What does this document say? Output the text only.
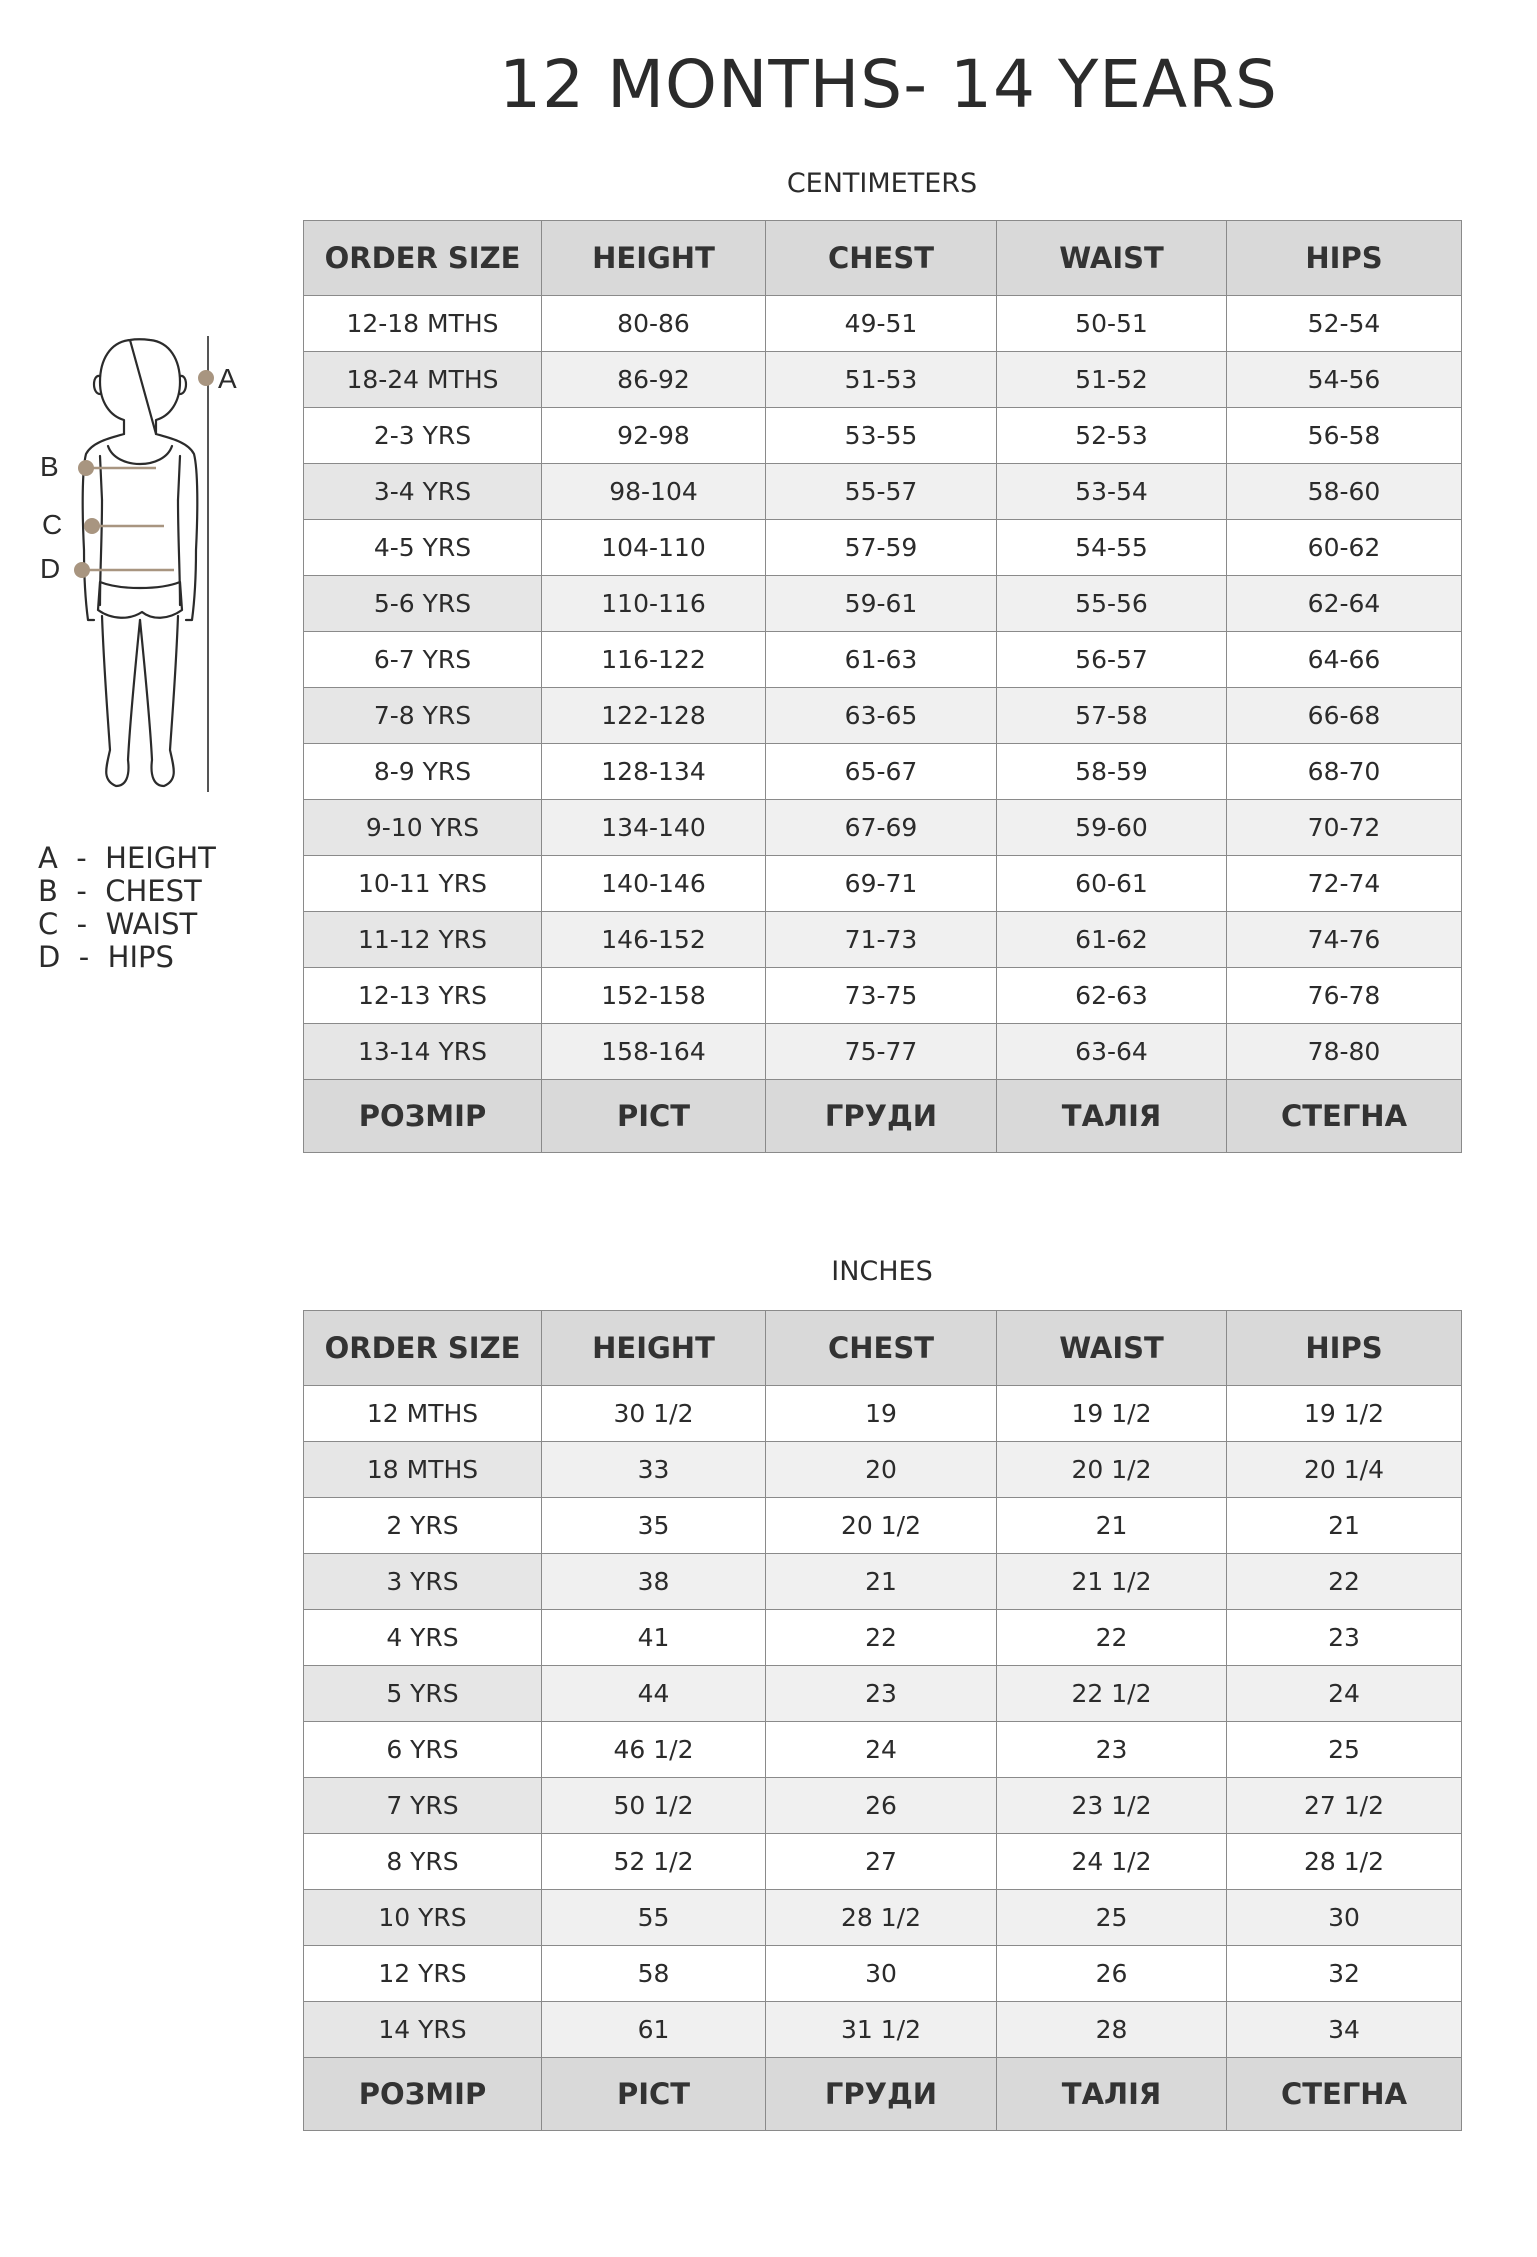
12 MONTHS- 14 YEARS
A
B
C
D
A  -  HEIGHT
B  -  CHEST
C  -  WAIST
D  -  HIPS
CENTIMETERS
ORDER SIZE	HEIGHT	CHEST	WAIST	HIPS
12-18 MTHS	80-86	49-51	50-51	52-54
18-24 MTHS	86-92	51-53	51-52	54-56
2-3 YRS	92-98	53-55	52-53	56-58
3-4 YRS	98-104	55-57	53-54	58-60
4-5 YRS	104-110	57-59	54-55	60-62
5-6 YRS	110-116	59-61	55-56	62-64
6-7 YRS	116-122	61-63	56-57	64-66
7-8 YRS	122-128	63-65	57-58	66-68
8-9 YRS	128-134	65-67	58-59	68-70
9-10 YRS	134-140	67-69	59-60	70-72
10-11 YRS	140-146	69-71	60-61	72-74
11-12 YRS	146-152	71-73	61-62	74-76
12-13 YRS	152-158	73-75	62-63	76-78
13-14 YRS	158-164	75-77	63-64	78-80
РОЗМІР	РІСТ	ГРУДИ	ТАЛІЯ	СТЕГНА
INCHES
ORDER SIZE	HEIGHT	CHEST	WAIST	HIPS
12 MTHS	30 1/2	19	19 1/2	19 1/2
18 MTHS	33	20	20 1/2	20 1/4
2 YRS	35	20 1/2	21	21
3 YRS	38	21	21 1/2	22
4 YRS	41	22	22	23
5 YRS	44	23	22 1/2	24
6 YRS	46 1/2	24	23	25
7 YRS	50 1/2	26	23 1/2	27 1/2
8 YRS	52 1/2	27	24 1/2	28 1/2
10 YRS	55	28 1/2	25	30
12 YRS	58	30	26	32
14 YRS	61	31 1/2	28	34
РОЗМІР	РІСТ	ГРУДИ	ТАЛІЯ	СТЕГНА
